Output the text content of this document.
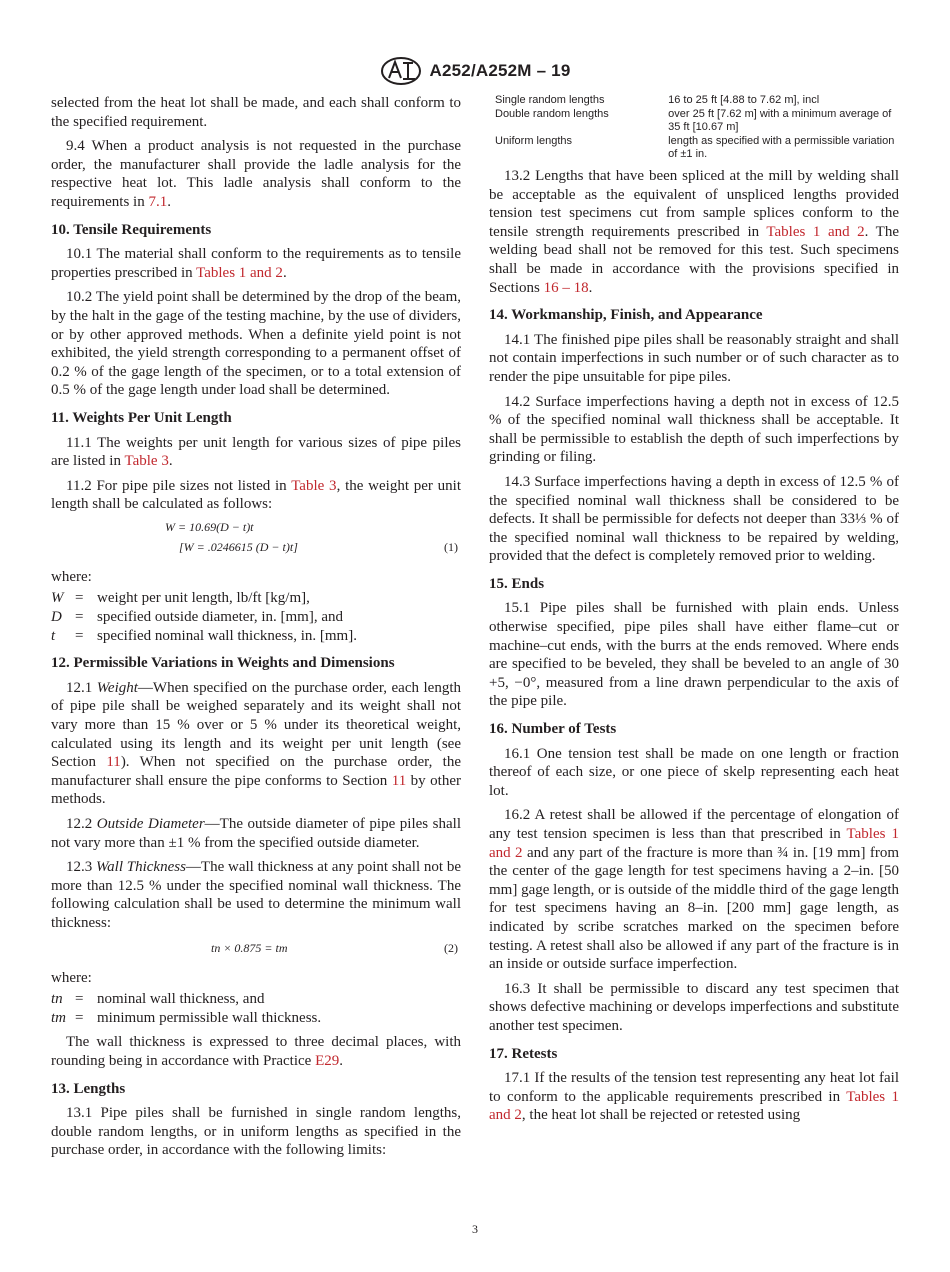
A252/A252M – 19

selected from the heat lot shall be made, and each shall conform to the specified requirement.

9.4 When a product analysis is not requested in the purchase order, the manufacturer shall provide the ladle analysis for the respective heat lot. This ladle analysis shall conform to the requirements in 7.1.

10. Tensile Requirements

10.1 The material shall conform to the requirements as to tensile properties prescribed in Tables 1 and 2.

10.2 The yield point shall be determined by the drop of the beam, by the halt in the gage of the testing machine, by the use of dividers, or by other approved methods. When a definite yield point is not exhibited, the yield strength corresponding to a permanent offset of 0.2 % of the gage length of the specimen, or to a total extension of 0.5 % of the gage length under load shall be determined.

11. Weights Per Unit Length

11.1 The weights per unit length for various sizes of pipe piles are listed in Table 3.

11.2 For pipe pile sizes not listed in Table 3, the weight per unit length shall be calculated as follows:

W = 10.69(D − t)t
[W = .0246615 (D − t)t]	(1)

where:

W = weight per unit length, lb/ft [kg/m],
D = specified outside diameter, in. [mm], and
t	= specified nominal wall thickness, in. [mm].
12. Permissible Variations in Weights and Dimensions

12.1 Weight—When specified on the purchase order, each length of pipe pile shall be weighed separately and its weight shall not vary more than 15 % over or 5 % under its theoretical weight, calculated using its length and its weight per unit length (see Section 11). When not specified on the purchase order, the manufacturer shall ensure the pipe conforms to Section 11 by other methods.

12.2 Outside Diameter—The outside diameter of pipe piles shall not vary more than ±1 % from the specified outside diameter.

12.3 Wall Thickness—The wall thickness at any point shall not be more than 12.5 % under the specified nominal wall thickness. The following calculation shall be used to determine the minimum wall thickness:

tn × 0.875 = tm	(2)

where:

tn = nominal wall thickness, and
tm = minimum permissible wall thickness.

The wall thickness is expressed to three decimal places, with rounding being in accordance with Practice E29.

13. Lengths

13.1 Pipe piles shall be furnished in single random lengths, double random lengths, or in uniform lengths as specified in the purchase order, in accordance with the following limits:

Single random lengths	16 to 25 ft [4.88 to 7.62 m], incl
Double random lengths	over 25 ft [7.62 m] with a minimum average of 35 ft [10.67 m]
Uniform lengths	length as specified with a permissible variation of ±1 in.

13.2 Lengths that have been spliced at the mill by welding shall be acceptable as the equivalent of unspliced lengths provided tension test specimens cut from sample splices conform to the tensile strength requirements prescribed in Tables 1 and 2. The welding bead shall not be removed for this test. Such specimens shall be made in accordance with the provisions specified in Sections 16 – 18.

14. Workmanship, Finish, and Appearance

14.1 The finished pipe piles shall be reasonably straight and shall not contain imperfections in such number or of such character as to render the pipe unsuitable for pipe piles.

14.2 Surface imperfections having a depth not in excess of 12.5 % of the specified nominal wall thickness shall be acceptable. It shall be permissible to establish the depth of such imperfections by grinding or filing.

14.3 Surface imperfections having a depth in excess of 12.5 % of the specified nominal wall thickness shall be considered to be defects. It shall be permissible for defects not deeper than 33⅓ % of the specified nominal wall thickness to be repaired by welding, provided that the defect is completely removed prior to welding.

15. Ends

15.1 Pipe piles shall be furnished with plain ends. Unless otherwise specified, pipe piles shall have either flame–cut or machine–cut ends, with the burrs at the ends removed. Where ends are specified to be beveled, they shall be beveled to an angle of 30 +5, −0°, measured from a line drawn perpendicular to the axis of the pipe pile.

16. Number of Tests

16.1 One tension test shall be made on one length or fraction thereof of each size, or one piece of skelp representing each heat lot.

16.2 A retest shall be allowed if the percentage of elongation of any test tension specimen is less than that prescribed in Tables 1 and 2 and any part of the fracture is more than ¾ in. [19 mm] from the center of the gage length for test specimens having a 2–in. [50 mm] gage length, or is outside of the middle third of the gage length for test specimens having an 8–in. [200 mm] gage length, as indicated by scribe scratches marked on the specimen before testing. A retest shall also be allowed if any part of the fracture is in an inside or outside surface imperfection.

16.3 It shall be permissible to discard any test specimen that shows defective machining or develops imperfections and substitute another test specimen.

17. Retests

17.1 If the results of the tension test representing any heat lot fail to conform to the applicable requirements prescribed in Tables 1 and 2, the heat lot shall be rejected or retested using

3
